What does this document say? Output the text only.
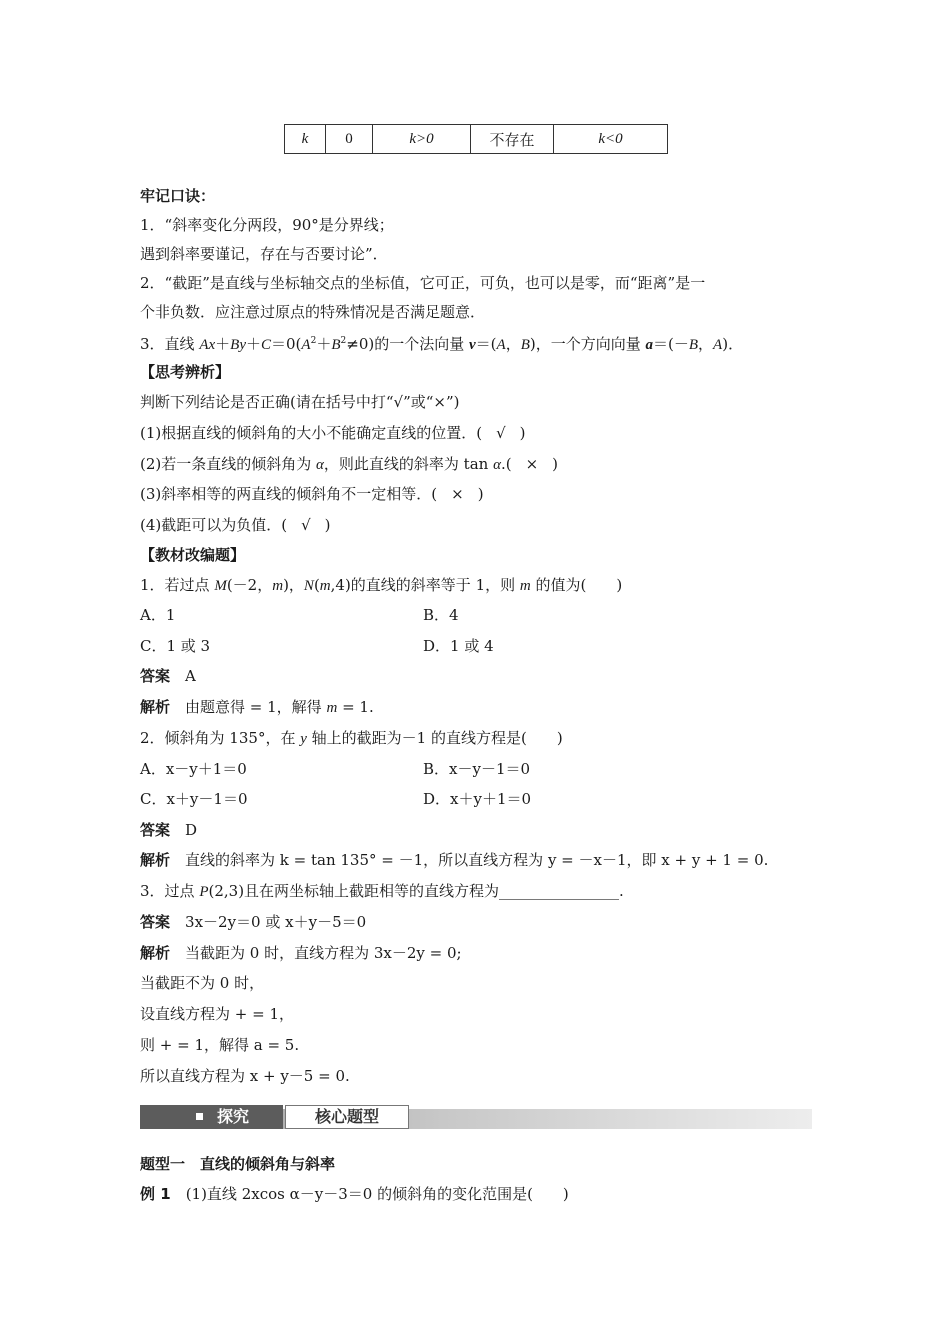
k	0	k>0	不存在	k<0
牢记口诀：
1．“斜率变化分两段，90°是分界线；
遇到斜率要谨记，存在与否要讨论”．
2．“截距”是直线与坐标轴交点的坐标值，它可正，可负，也可以是零，而“距离”是一
个非负数．应注意过原点的特殊情况是否满足题意．
3．直线 $Ax+By+C=0(A^2+B^2\ne 0)$的一个法向量 v＝(A，B)，一个方向向量 a＝(－B，A)．
【思考辨析】
判断下列结论是否正确(请在括号中打“√”或“×”)
(1)根据直线的倾斜角的大小不能确定直线的位置．( √ )
(2)若一条直线的倾斜角为 α，则此直线的斜率为 tan α.( × )
(3)斜率相等的两直线的倾斜角不一定相等．( × )
(4)截距可以为负值．( √ )
【教材改编题】
1．若过点 M(－2，m)，N(m,4)的直线的斜率等于 1，则 m 的值为(　　)
A．1	B．4
C．1 或 3	D．1 或 4
答案　 A
解析　 由题意得 = 1，解得 m = 1.
2．倾斜角为 135°，在 y 轴上的截距为－1 的直线方程是(　　)
A．x－y＋1＝0	B．x－y－1＝0
C．x＋y－1＝0	D．x＋y＋1＝0
答案　 D
解析　 直线的斜率为 k = tan 135° = －1，所以直线方程为 y = －x－1，即 x + y + 1 = 0.
3．过点 P(2,3)且在两坐标轴上截距相等的直线方程为________________.
答案　 3x－2y＝0 或 x＋y－5＝0
解析　 当截距为 0 时，直线方程为 3x－2y = 0;
当截距不为 0 时，
设直线方程为 + = 1，
则 + = 1，解得 a = 5.
所以直线方程为 x + y－5 = 0.
探究	核心题型
题型一　直线的倾斜角与斜率
例 1　 (1)直线 2xcos α－y－3＝0 的倾斜角的变化范围是(　　)
